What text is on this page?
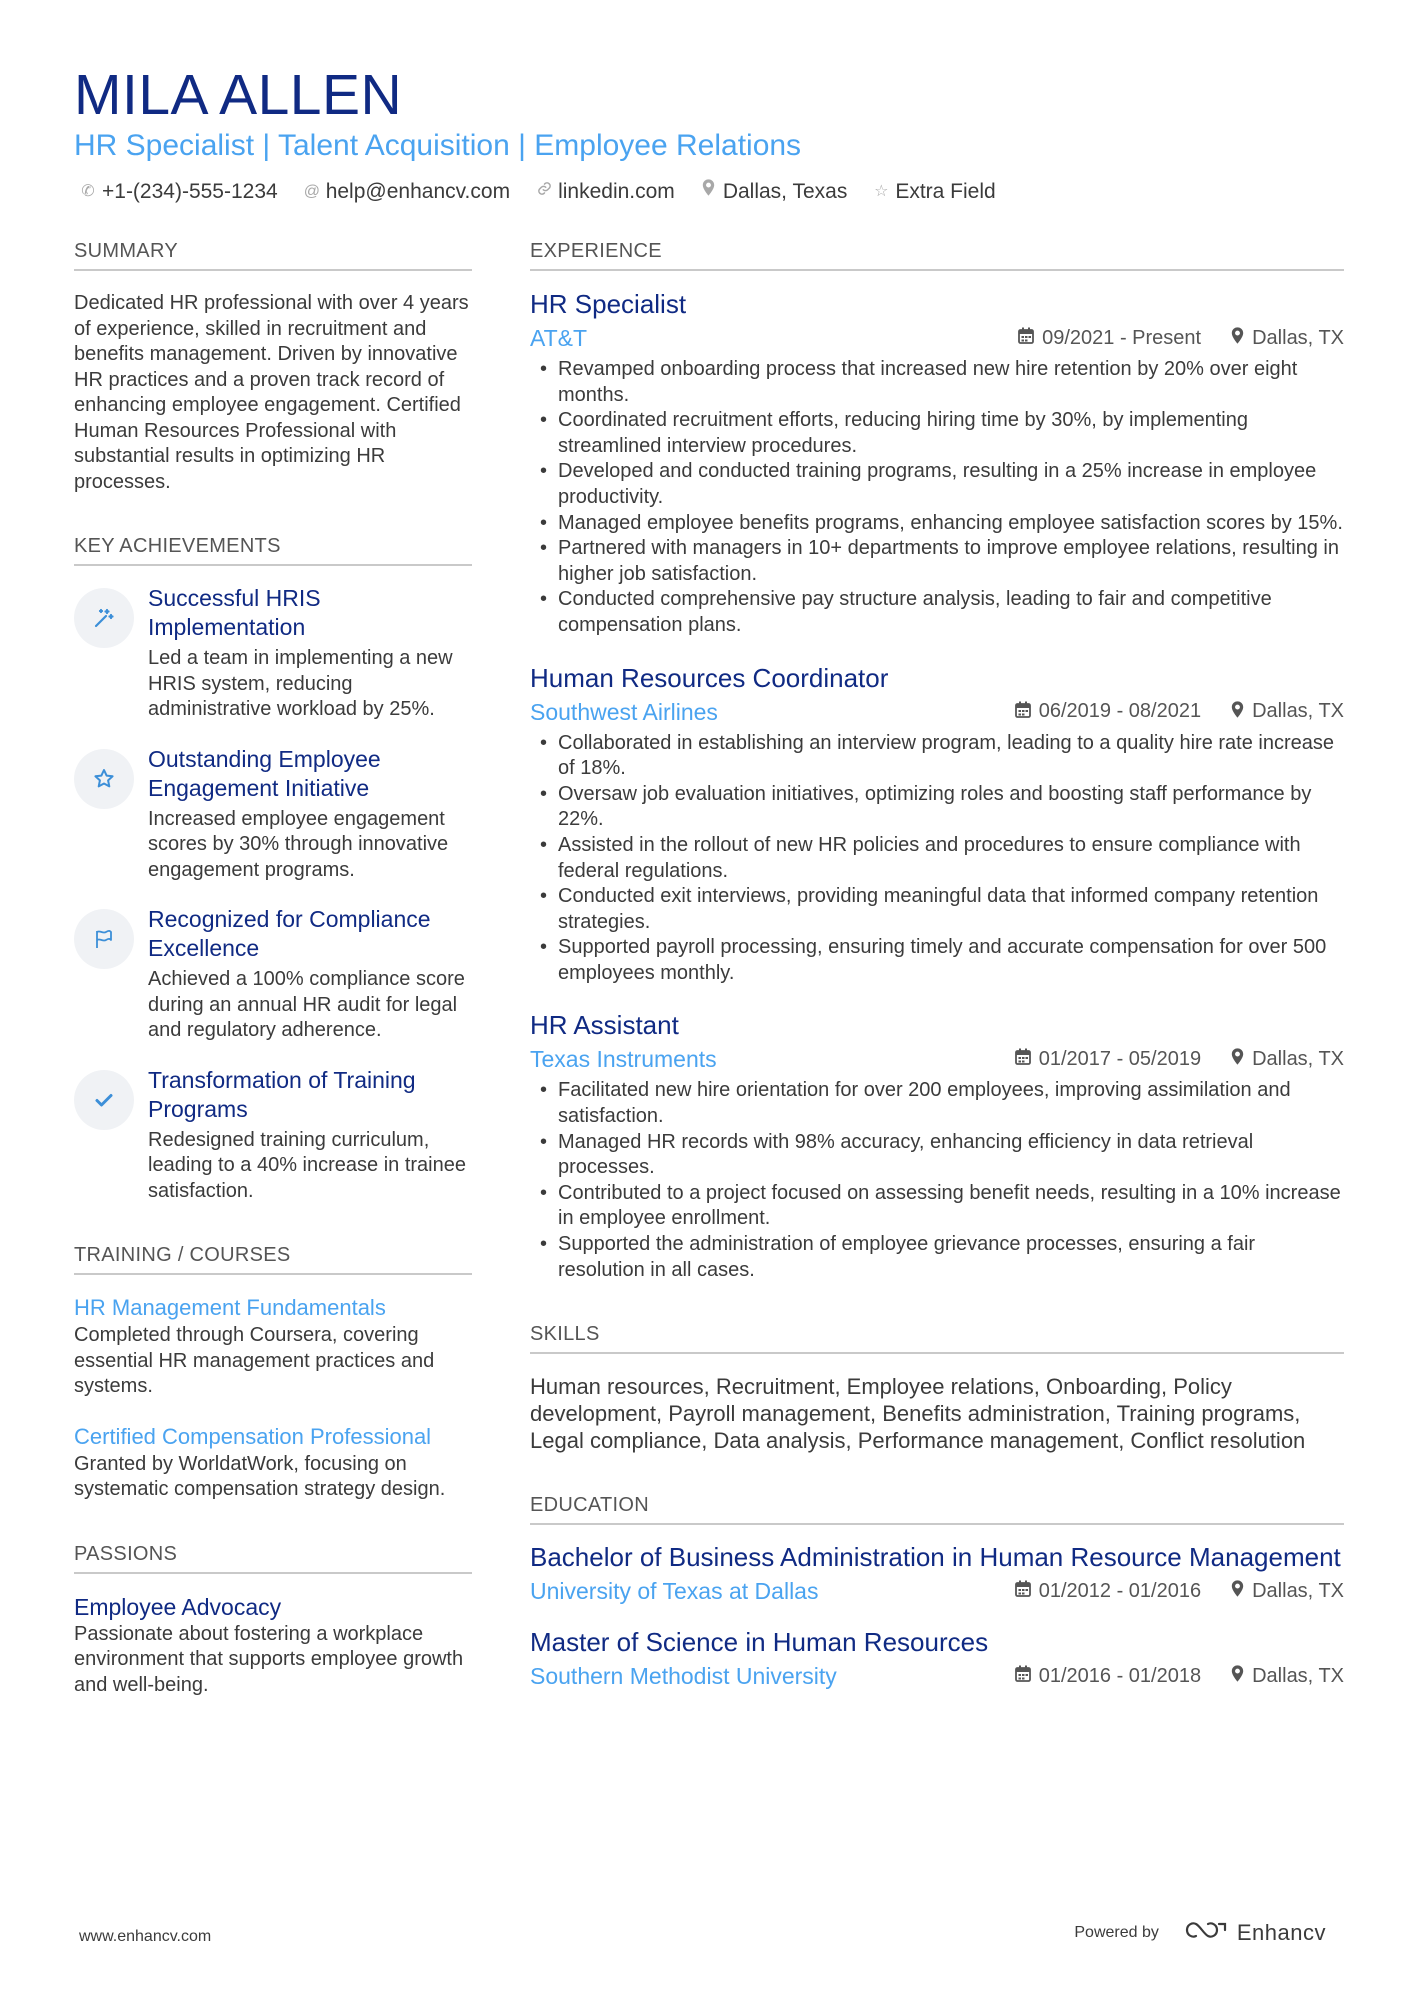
MILA ALLEN
HR Specialist | Talent Acquisition | Employee Relations
✆ +1-(234)-555-1234 @ help@enhancv.com linkedin.com Dallas, Texas ☆ Extra Field
SUMMARY
Dedicated HR professional with over 4 years of experience, skilled in recruitment and benefits management. Driven by innovative HR practices and a proven track record of enhancing employee engagement. Certified Human Resources Professional with substantial results in optimizing HR processes.
KEY ACHIEVEMENTS
Successful HRIS Implementation
Led a team in implementing a new HRIS system, reducing administrative workload by 25%.
Outstanding Employee Engagement Initiative
Increased employee engagement scores by 30% through innovative engagement programs.
Recognized for Compliance Excellence
Achieved a 100% compliance score during an annual HR audit for legal and regulatory adherence.
Transformation of Training Programs
Redesigned training curriculum, leading to a 40% increase in trainee satisfaction.
TRAINING / COURSES
HR Management Fundamentals
Completed through Coursera, covering essential HR management practices and systems.
Certified Compensation Professional
Granted by WorldatWork, focusing on systematic compensation strategy design.
PASSIONS
Employee Advocacy
Passionate about fostering a workplace environment that supports employee growth and well-being.
EXPERIENCE
HR Specialist
AT&T	09/2021 - Present	Dallas, TX
• Revamped onboarding process that increased new hire retention by 20% over eight months.
• Coordinated recruitment efforts, reducing hiring time by 30%, by implementing streamlined interview procedures.
• Developed and conducted training programs, resulting in a 25% increase in employee productivity.
• Managed employee benefits programs, enhancing employee satisfaction scores by 15%.
• Partnered with managers in 10+ departments to improve employee relations, resulting in higher job satisfaction.
• Conducted comprehensive pay structure analysis, leading to fair and competitive compensation plans.
Human Resources Coordinator
Southwest Airlines	06/2019 - 08/2021	Dallas, TX
• Collaborated in establishing an interview program, leading to a quality hire rate increase of 18%.
• Oversaw job evaluation initiatives, optimizing roles and boosting staff performance by 22%.
• Assisted in the rollout of new HR policies and procedures to ensure compliance with federal regulations.
• Conducted exit interviews, providing meaningful data that informed company retention strategies.
• Supported payroll processing, ensuring timely and accurate compensation for over 500 employees monthly.
HR Assistant
Texas Instruments	01/2017 - 05/2019	Dallas, TX
• Facilitated new hire orientation for over 200 employees, improving assimilation and satisfaction.
• Managed HR records with 98% accuracy, enhancing efficiency in data retrieval processes.
• Contributed to a project focused on assessing benefit needs, resulting in a 10% increase in employee enrollment.
• Supported the administration of employee grievance processes, ensuring a fair resolution in all cases.
SKILLS
Human resources, Recruitment, Employee relations, Onboarding, Policy development, Payroll management, Benefits administration, Training programs, Legal compliance, Data analysis, Performance management, Conflict resolution
EDUCATION
Bachelor of Business Administration in Human Resource Management
University of Texas at Dallas	01/2012 - 01/2016	Dallas, TX
Master of Science in Human Resources
Southern Methodist University	01/2016 - 01/2018	Dallas, TX
www.enhancv.com	Powered by	Enhancv
